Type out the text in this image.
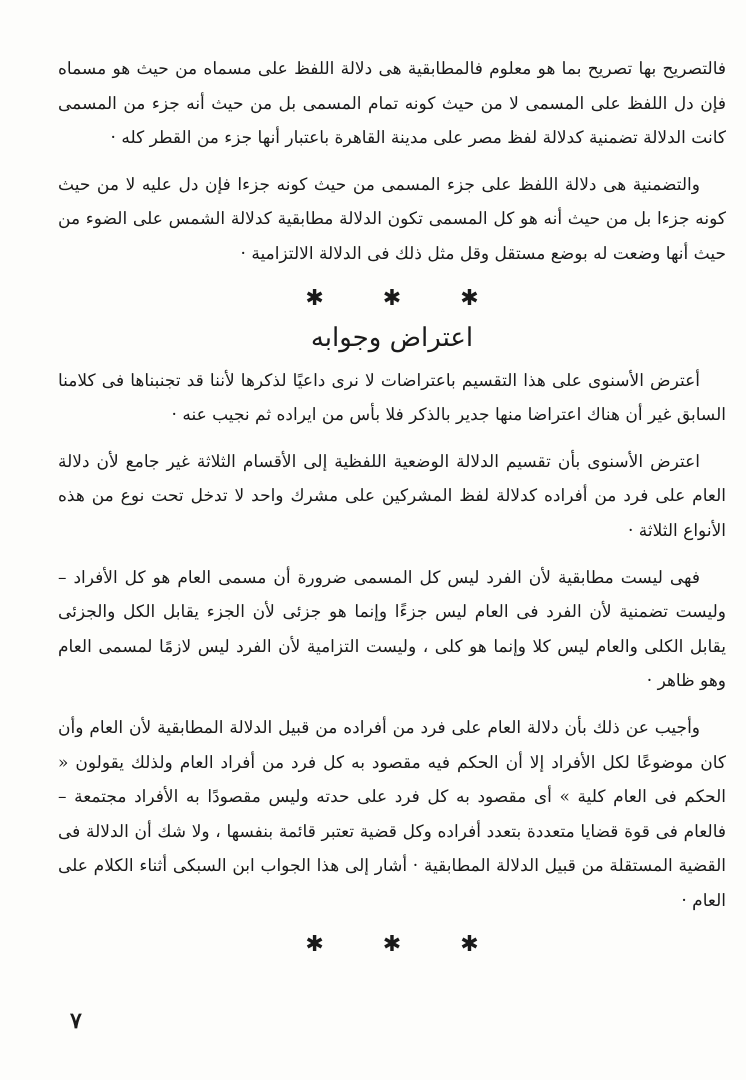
فالتصريح بها تصريح بما هو معلوم فالمطابقية هى دلالة اللفظ على مسماه من حيث هو مسماه فإن دل اللفظ على المسمى لا من حيث كونه تمام المسمى بل من حيث أنه جزء من المسمى كانت الدلالة تضمنية كدلالة لفظ مصر على مدينة القاهرة باعتبار أنها جزء من القطر كله ·

والتضمنية هى دلالة اللفظ على جزء المسمى من حيث كونه جزءا فإن دل عليه لا من حيث كونه جزءا بل من حيث أنه هو كل المسمى تكون الدلالة مطابقية كدلالة الشمس على الضوء من حيث أنها وضعت له بوضع مستقل وقل مثل ذلك فى الدلالة الالتزامية ·

✱ ✱ ✱
اعتراض وجوابه

أعترض الأسنوى على هذا التقسيم باعتراضات لا نرى داعيًا لذكرها لأننا قد تجنبناها فى كلامنا السابق غير أن هناك اعتراضا منها جدير بالذكر فلا بأس من ايراده ثم نجيب عنه ·

اعترض الأسنوى بأن تقسيم الدلالة الوضعية اللفظية إلى الأقسام الثلاثة غير جامع لأن دلالة العام على فرد من أفراده كدلالة لفظ المشركين على مشرك واحد لا تدخل تحت نوع من هذه الأنواع الثلاثة ·

فهى ليست مطابقية لأن الفرد ليس كل المسمى ضرورة أن مسمى العام هو كل الأفراد – وليست تضمنية لأن الفرد فى العام ليس جزءًا وإنما هو جزئى لأن الجزء يقابل الكل والجزئى يقابل الكلى والعام ليس كلا وإنما هو كلى ، وليست التزامية لأن الفرد ليس لازمًا لمسمى العام وهو ظاهر ·

وأجيب عن ذلك بأن دلالة العام على فرد من أفراده من قبيل الدلالة المطابقية لأن العام وأن كان موضوعًا لكل الأفراد إلا أن الحكم فيه مقصود به كل فرد من أفراد العام ولذلك يقولون « الحكم فى العام كلية » أى مقصود به كل فرد على حدته وليس مقصودًا به الأفراد مجتمعة – فالعام فى قوة قضايا متعددة بتعدد أفراده وكل قضية تعتبر قائمة بنفسها ، ولا شك أن الدلالة فى القضية المستقلة من قبيل الدلالة المطابقية · أشار إلى هذا الجواب ابن السبكى أثناء الكلام على العام ·

✱ ✱ ✱
٧
